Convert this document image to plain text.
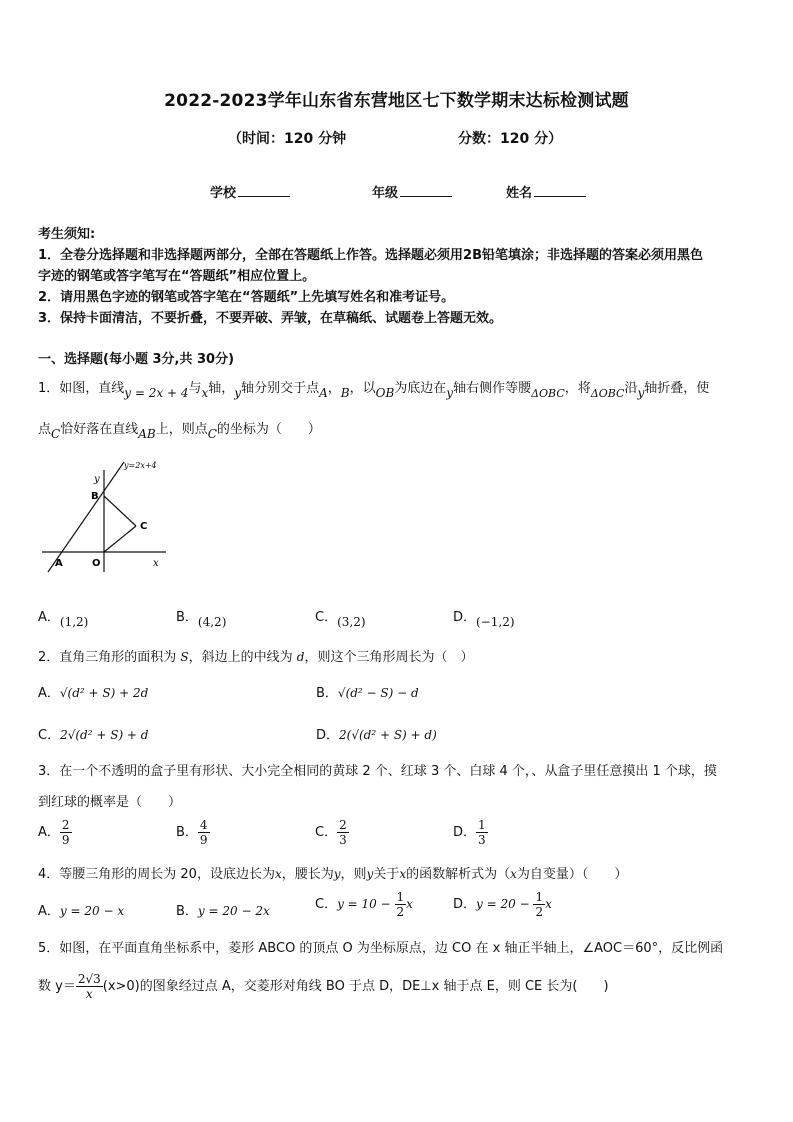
2022-2023学年山东省东营地区七下数学期末达标检测试题
（时间：120 分钟	分数：120 分）
学校	年级	姓名
考生须知:
1．全卷分选择题和非选择题两部分，全部在答题纸上作答。选择题必须用2B铅笔填涂；非选择题的答案必须用黑色
字迹的钢笔或答字笔写在“答题纸”相应位置上。
2．请用黑色字迹的钢笔或答字笔在“答题纸”上先填写姓名和准考证号。
3．保持卡面清洁，不要折叠，不要弄破、弄皱，在草稿纸、试题卷上答题无效。
一、选择题(每小题 3分,共 30分)
1．如图，直线y = 2x + 4与x轴，y轴分别交于点A，B，以OB为底边在y轴右侧作等腰$_{\Delta OBC}$，将$_{\Delta OBC}$沿y轴折叠，使
点C恰好落在直线AB上，则点C的坐标为（　　）
y=2x+4
y
x
B
C
A	O
A．(1,2)	B．(4,2)	C．(3,2)	D．(−1,2)
2．直角三角形的面积为 S，斜边上的中线为 d，则这个三角形周长为（　）
A．√(d² + S) + 2d	B．√(d² − S) − d
C．2√(d² + S) + d	D．2(√(d² + S) + d)
3．在一个不透明的盒子里有形状、大小完全相同的黄球 2 个、红球 3 个、白球 4 个，、从盒子里任意摸出 1 个球，摸
到红球的概率是（　　）
A． $\frac{2}{9}$	B． $\frac{4}{9}$	C． $\frac{2}{3}$	D． $\frac{1}{3}$
4．等腰三角形的周长为 20，设底边长为x，腰长为y，则y关于x的函数解析式为（x为自变量）（　　）
A．y = 20 − x	B．y = 20 − 2x	C．$y = 10 - \frac{1}{2}$ x	D．$y = 20 - \frac{1}{2}$ x
5．如图，在平面直角坐标系中，菱形 ABCO 的顶点 O 为坐标原点，边 CO 在 x 轴正半轴上，∠AOC＝60°，反比例函
数 $y= \frac{2√3}{x} (x>0)$的图象经过点 A，交菱形对角线 BO 于点 D，DE⊥x 轴于点 E，则 CE 长为(　　)
